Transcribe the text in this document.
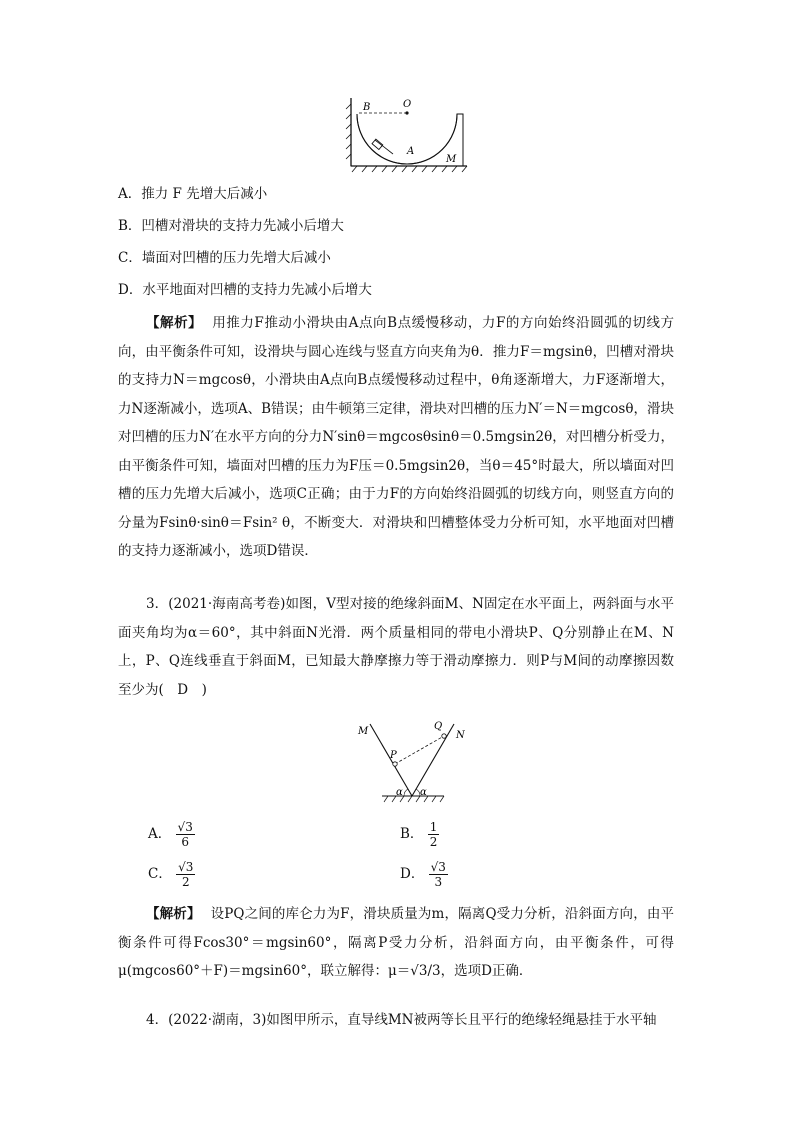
B	O
A
M
A．推力 F 先增大后减小
B．凹槽对滑块的支持力先减小后增大
C．墙面对凹槽的压力先增大后减小
D．水平地面对凹槽的支持力先减小后增大
【解析】 用推力F推动小滑块由A点向B点缓慢移动，力F的方向始终沿圆弧的切线方向，由平衡条件可知，设滑块与圆心连线与竖直方向夹角为θ．推力F＝mgsinθ，凹槽对滑块的支持力N＝mgcosθ，小滑块由A点向B点缓慢移动过程中，θ角逐渐增大，力F逐渐增大，力N逐渐减小，选项A、B错误；由牛顿第三定律，滑块对凹槽的压力N′＝N＝mgcosθ，滑块对凹槽的压力N′在水平方向的分力N′sinθ＝mgcosθsinθ＝0.5mgsin2θ，对凹槽分析受力，由平衡条件可知，墙面对凹槽的压力为F压＝0.5mgsin2θ，当θ＝45°时最大，所以墙面对凹槽的压力先增大后减小，选项C正确；由于力F的方向始终沿圆弧的切线方向，则竖直方向的分量为Fsinθ·sinθ＝Fsin² θ，不断变大．对滑块和凹槽整体受力分析可知，水平地面对凹槽的支持力逐渐减小，选项D错误．
3．(2021·海南高考卷)如图，V型对接的绝缘斜面M、N固定在水平面上，两斜面与水平面夹角均为α＝60°，其中斜面N光滑．两个质量相同的带电小滑块P、Q分别静止在M、N上，P、Q连线垂直于斜面M，已知最大静摩擦力等于滑动摩擦力．则P与M间的动摩擦因数至少为(　D　)
M	N
P
Q
α α
A． $\frac{√3}{6}$	B． $\frac{1}{2}$
C． $\frac{√3}{2}$	D． $\frac{√3}{3}$
【解析】 设PQ之间的库仑力为F，滑块质量为m，隔离Q受力分析，沿斜面方向，由平衡条件可得Fcos30°＝mgsin60°，隔离P受力分析，沿斜面方向，由平衡条件，可得μ(mgcos60°＋F)＝mgsin60°，联立解得：μ＝√3/3，选项D正确．
4．(2022·湖南，3)如图甲所示，直导线MN被两等长且平行的绝缘轻绳悬挂于水平轴
